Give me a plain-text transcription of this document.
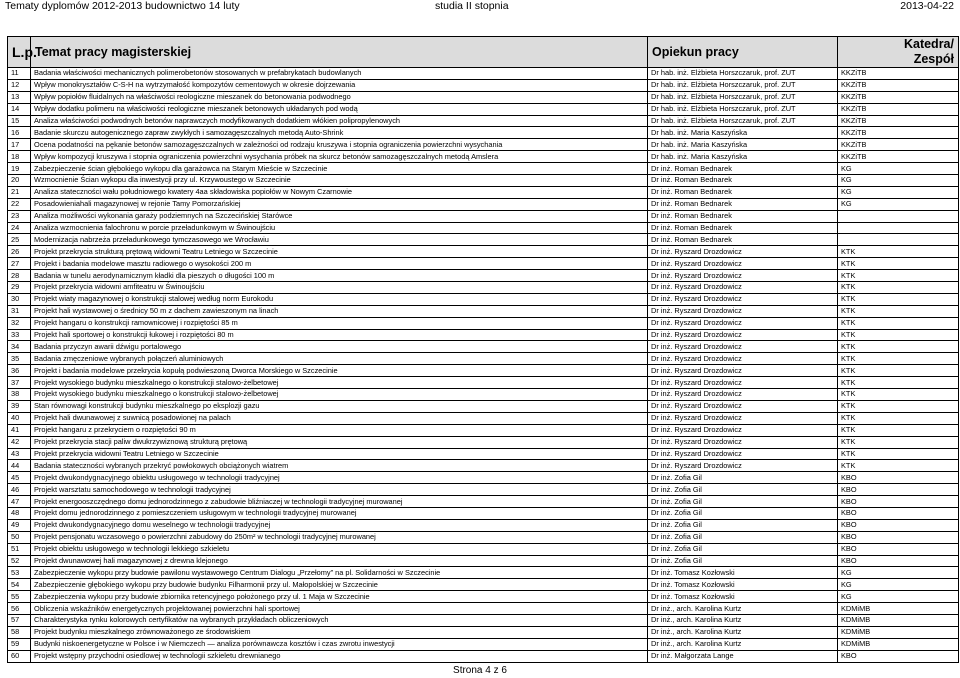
Tematy dyplomów 2012-2013 budownictwo 14 luty	studia II stopnia	2013-04-22
L.p.	Temat pracy magisterskiej	Opiekun pracy	Katedra/
Zespół
11	Badania właściwości mechanicznych polimerobetonów stosowanych w prefabrykatach budowlanych	Dr hab. inż. Elżbieta Horszczaruk, prof. ZUT	KKZiTB
12	Wpływ monokryształów C-S-H na wytrzymałość kompozytów cementowych w okresie dojrzewania	Dr hab. inż. Elżbieta Horszczaruk, prof. ZUT	KKZiTB
13	Wpływ popiołów fluidalnych na właściwości reologiczne mieszanek do betonowania podwodnego	Dr hab. inż. Elżbieta Horszczaruk, prof. ZUT	KKZiTB
14	Wpływ dodatku polimeru na właściwości reologiczne mieszanek betonowych układanych pod wodą	Dr hab. inż. Elżbieta Horszczaruk, prof. ZUT	KKZiTB
15	Analiza właściwości podwodnych betonów naprawczych modyfikowanych dodatkiem włókien polipropylenowych	Dr hab. inż. Elżbieta Horszczaruk, prof. ZUT	KKZiTB
16	Badanie skurczu autogenicznego zapraw zwykłych i samozagęszczalnych metodą Auto-Shrink	Dr hab. inż. Maria Kaszyńska	KKZiTB
17	Ocena podatności na pękanie betonów samozagęszczalnych w zależności od rodzaju kruszywa i stopnia ograniczenia powierzchni wysychania	Dr hab. inż. Maria Kaszyńska	KKZiTB
18	Wpływ kompozycji kruszywa i stopnia ograniczenia powierzchni wysychania próbek na skurcz betonów samozagęszczalnych metodą Amslera	Dr hab. inż. Maria Kaszyńska	KKZiTB
19	Zabezpieczenie ścian głębokiego wykopu dla garażowca na Starym Mieście w Szczecinie	Dr inż. Roman Bednarek	KG
20	Wzmocnienie Ścian wykopu dla inwestycji przy ul. Krzywoustego w Szczecinie	Dr inż. Roman Bednarek	KG
21	Analiza stateczności wału południowego kwatery 4aa składowiska popiołów w Nowym Czarnowie	Dr inż. Roman Bednarek	KG
22	Posadowieniahali magazynowej w rejonie Tamy Pomorzańskiej	Dr inż. Roman Bednarek	KG
23	Analiza możliwości wykonania garaży podziemnych na Szczecińskiej Starówce	Dr inż. Roman Bednarek	
24	Analiza wzmocnienia falochronu w porcie przeładunkowym w Świnoujściu	Dr inż. Roman Bednarek	
25	Modernizacja nabrzeża przeładunkowego tymczasowego we Wrocławiu	Dr inż. Roman Bednarek	
26	Projekt przekrycia strukturą prętową widowni Teatru Letniego w Szczecinie	Dr inż. Ryszard Drozdowicz	KTK
27	Projekt i badania modelowe masztu radiowego o wysokości 200 m	Dr inż. Ryszard Drozdowicz	KTK
28	Badania w tunelu aerodynamicznym kładki dla pieszych o długości 100 m	Dr inż. Ryszard Drozdowicz	KTK
29	Projekt przekrycia widowni amfiteatru w Świnoujściu	Dr inż. Ryszard Drozdowicz	KTK
30	Projekt wiaty magazynowej o konstrukcji stalowej według norm Eurokodu	Dr inż. Ryszard Drozdowicz	KTK
31	Projekt hali wystawowej o średnicy 50 m z dachem zawieszonym na linach	Dr inż. Ryszard Drozdowicz	KTK
32	Projekt hangaru o konstrukcji ramownicowej i rozpiętości 85 m	Dr inż. Ryszard Drozdowicz	KTK
33	Projekt hali sportowej o konstrukcji łukowej i rozpiętości 80 m	Dr inż. Ryszard Drozdowicz	KTK
34	Badania przyczyn awarii dźwigu portalowego	Dr inż. Ryszard Drozdowicz	KTK
35	Badania zmęczeniowe wybranych połączeń aluminiowych	Dr inż. Ryszard Drozdowicz	KTK
36	Projekt i badania modelowe przekrycia kopułą podwieszoną Dworca Morskiego w Szczecinie	Dr inż. Ryszard Drozdowicz	KTK
37	Projekt wysokiego budynku mieszkalnego o konstrukcji stalowo-żelbetowej	Dr inż. Ryszard Drozdowicz	KTK
38	Projekt wysokiego budynku mieszkalnego o konstrukcji stalowo-żelbetowej	Dr inż. Ryszard Drozdowicz	KTK
39	Stan równowagi konstrukcji budynku mieszkalnego po eksplozji gazu	Dr inż. Ryszard Drozdowicz	KTK
40	Projekt hali dwunawowej z suwnicą posadowionej na palach	Dr inż. Ryszard Drozdowicz	KTK
41	Projekt hangaru z przekryciem o rozpiętości 90 m	Dr inż. Ryszard Drozdowicz	KTK
42	Projekt przekrycia stacji paliw dwukrzywiznową strukturą prętową	Dr inż. Ryszard Drozdowicz	KTK
43	Projekt przekrycia widowni Teatru Letniego w Szczecinie	Dr inż. Ryszard Drozdowicz	KTK
44	Badania stateczności wybranych przekryć powłokowych obciążonych wiatrem	Dr inż. Ryszard Drozdowicz	KTK
45	Projekt dwukondygnacyjnego obiektu usługowego w technologii tradycyjnej	Dr inż. Zofia Gil	KBO
46	Projekt warsztatu samochodowego w technologii tradycyjnej	Dr inż. Zofia Gil	KBO
47	Projekt energooszczędnego domu jednorodzinnego z zabudowie bliźniaczej w technologii tradycyjnej murowanej	Dr inż. Zofia Gil	KBO
48	Projekt domu jednorodzinnego z pomieszczeniem usługowym w technologii tradycyjnej murowanej	Dr inż. Zofia Gil	KBO
49	Projekt dwukondygnacyjnego domu weselnego w technologii tradycyjnej	Dr inż. Zofia Gil	KBO
50	Projekt pensjonatu wczasowego o powierzchni zabudowy do 250m² w technologii tradycyjnej murowanej	Dr inż. Zofia Gil	KBO
51	Projekt obiektu usługowego w technologii lekkiego szkieletu	Dr inż. Zofia Gil	KBO
52	Projekt dwunawowej hali magazynowej z drewna klejonego	Dr inż. Zofia Gil	KBO
53	Zabezpieczenie wykopu przy budowie pawilonu wystawowego Centrum Dialogu „Przełomy” na pl. Solidarności w Szczecinie	Dr inż. Tomasz Kozłowski	KG
54	Zabezpieczenie głębokiego wykopu przy budowie budynku Filharmonii przy ul. Małopolskiej w Szczecinie	Dr inż. Tomasz Kozłowski	KG
55	Zabezpieczenia wykopu przy budowie zbiornika retencyjnego położonego przy ul. 1 Maja w Szczecinie	Dr inż. Tomasz Kozłowski	KG
56	Obliczenia wskaźników energetycznych projektowanej powierzchni hali sportowej	Dr inż., arch. Karolina Kurtz	KDMiMB
57	Charakterystyka rynku kolorowych certyfikatów na wybranych przykładach obliczeniowych	Dr inż., arch. Karolina Kurtz	KDMiMB
58	Projekt budynku mieszkalnego zrównoważonego ze środowiskiem	Dr inż., arch. Karolina Kurtz	KDMiMB
59	Budynki niskoenergetyczne w Polsce i w Niemczech — analiza porównawcza kosztów i czas zwrotu inwestycji	Dr inż., arch. Karolina Kurtz	KDMiMB
60	Projekt wstępny przychodni osiedlowej w technologii szkieletu drewnianego	Dr inż. Małgorzata Lange	KBO
Strona 4 z 6
